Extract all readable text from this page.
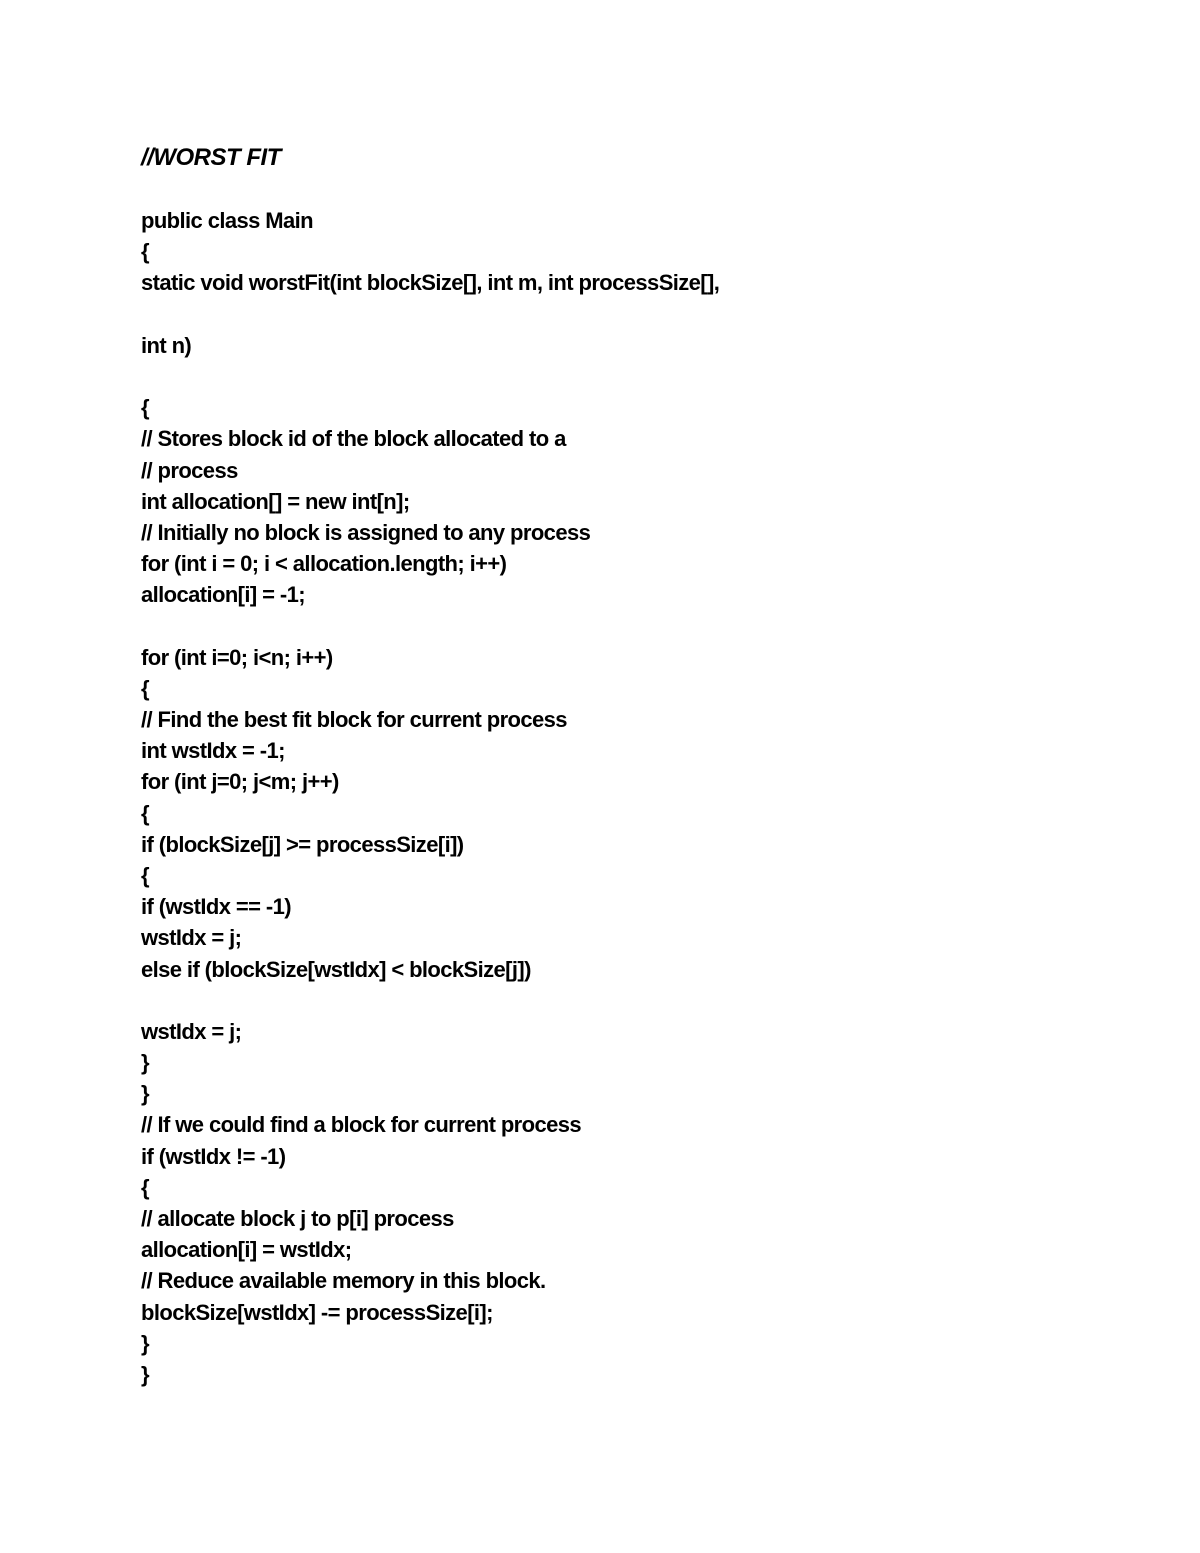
//WORST FIT
public class Main
{
static void worstFit(int blockSize[], int m, int processSize[],
int n)
{
// Stores block id of the block allocated to a
// process
int allocation[] = new int[n];
// Initially no block is assigned to any process
for (int i = 0; i < allocation.length; i++)
allocation[i] = -1;
for (int i=0; i<n; i++)
{
// Find the best fit block for current process
int wstIdx = -1;
for (int j=0; j<m; j++)
{
if (blockSize[j] >= processSize[i])
{
if (wstIdx == -1)
wstIdx = j;
else if (blockSize[wstIdx] < blockSize[j])
wstIdx = j;
}
}
// If we could find a block for current process
if (wstIdx != -1)
{
// allocate block j to p[i] process
allocation[i] = wstIdx;
// Reduce available memory in this block.
blockSize[wstIdx] -= processSize[i];
}
}
